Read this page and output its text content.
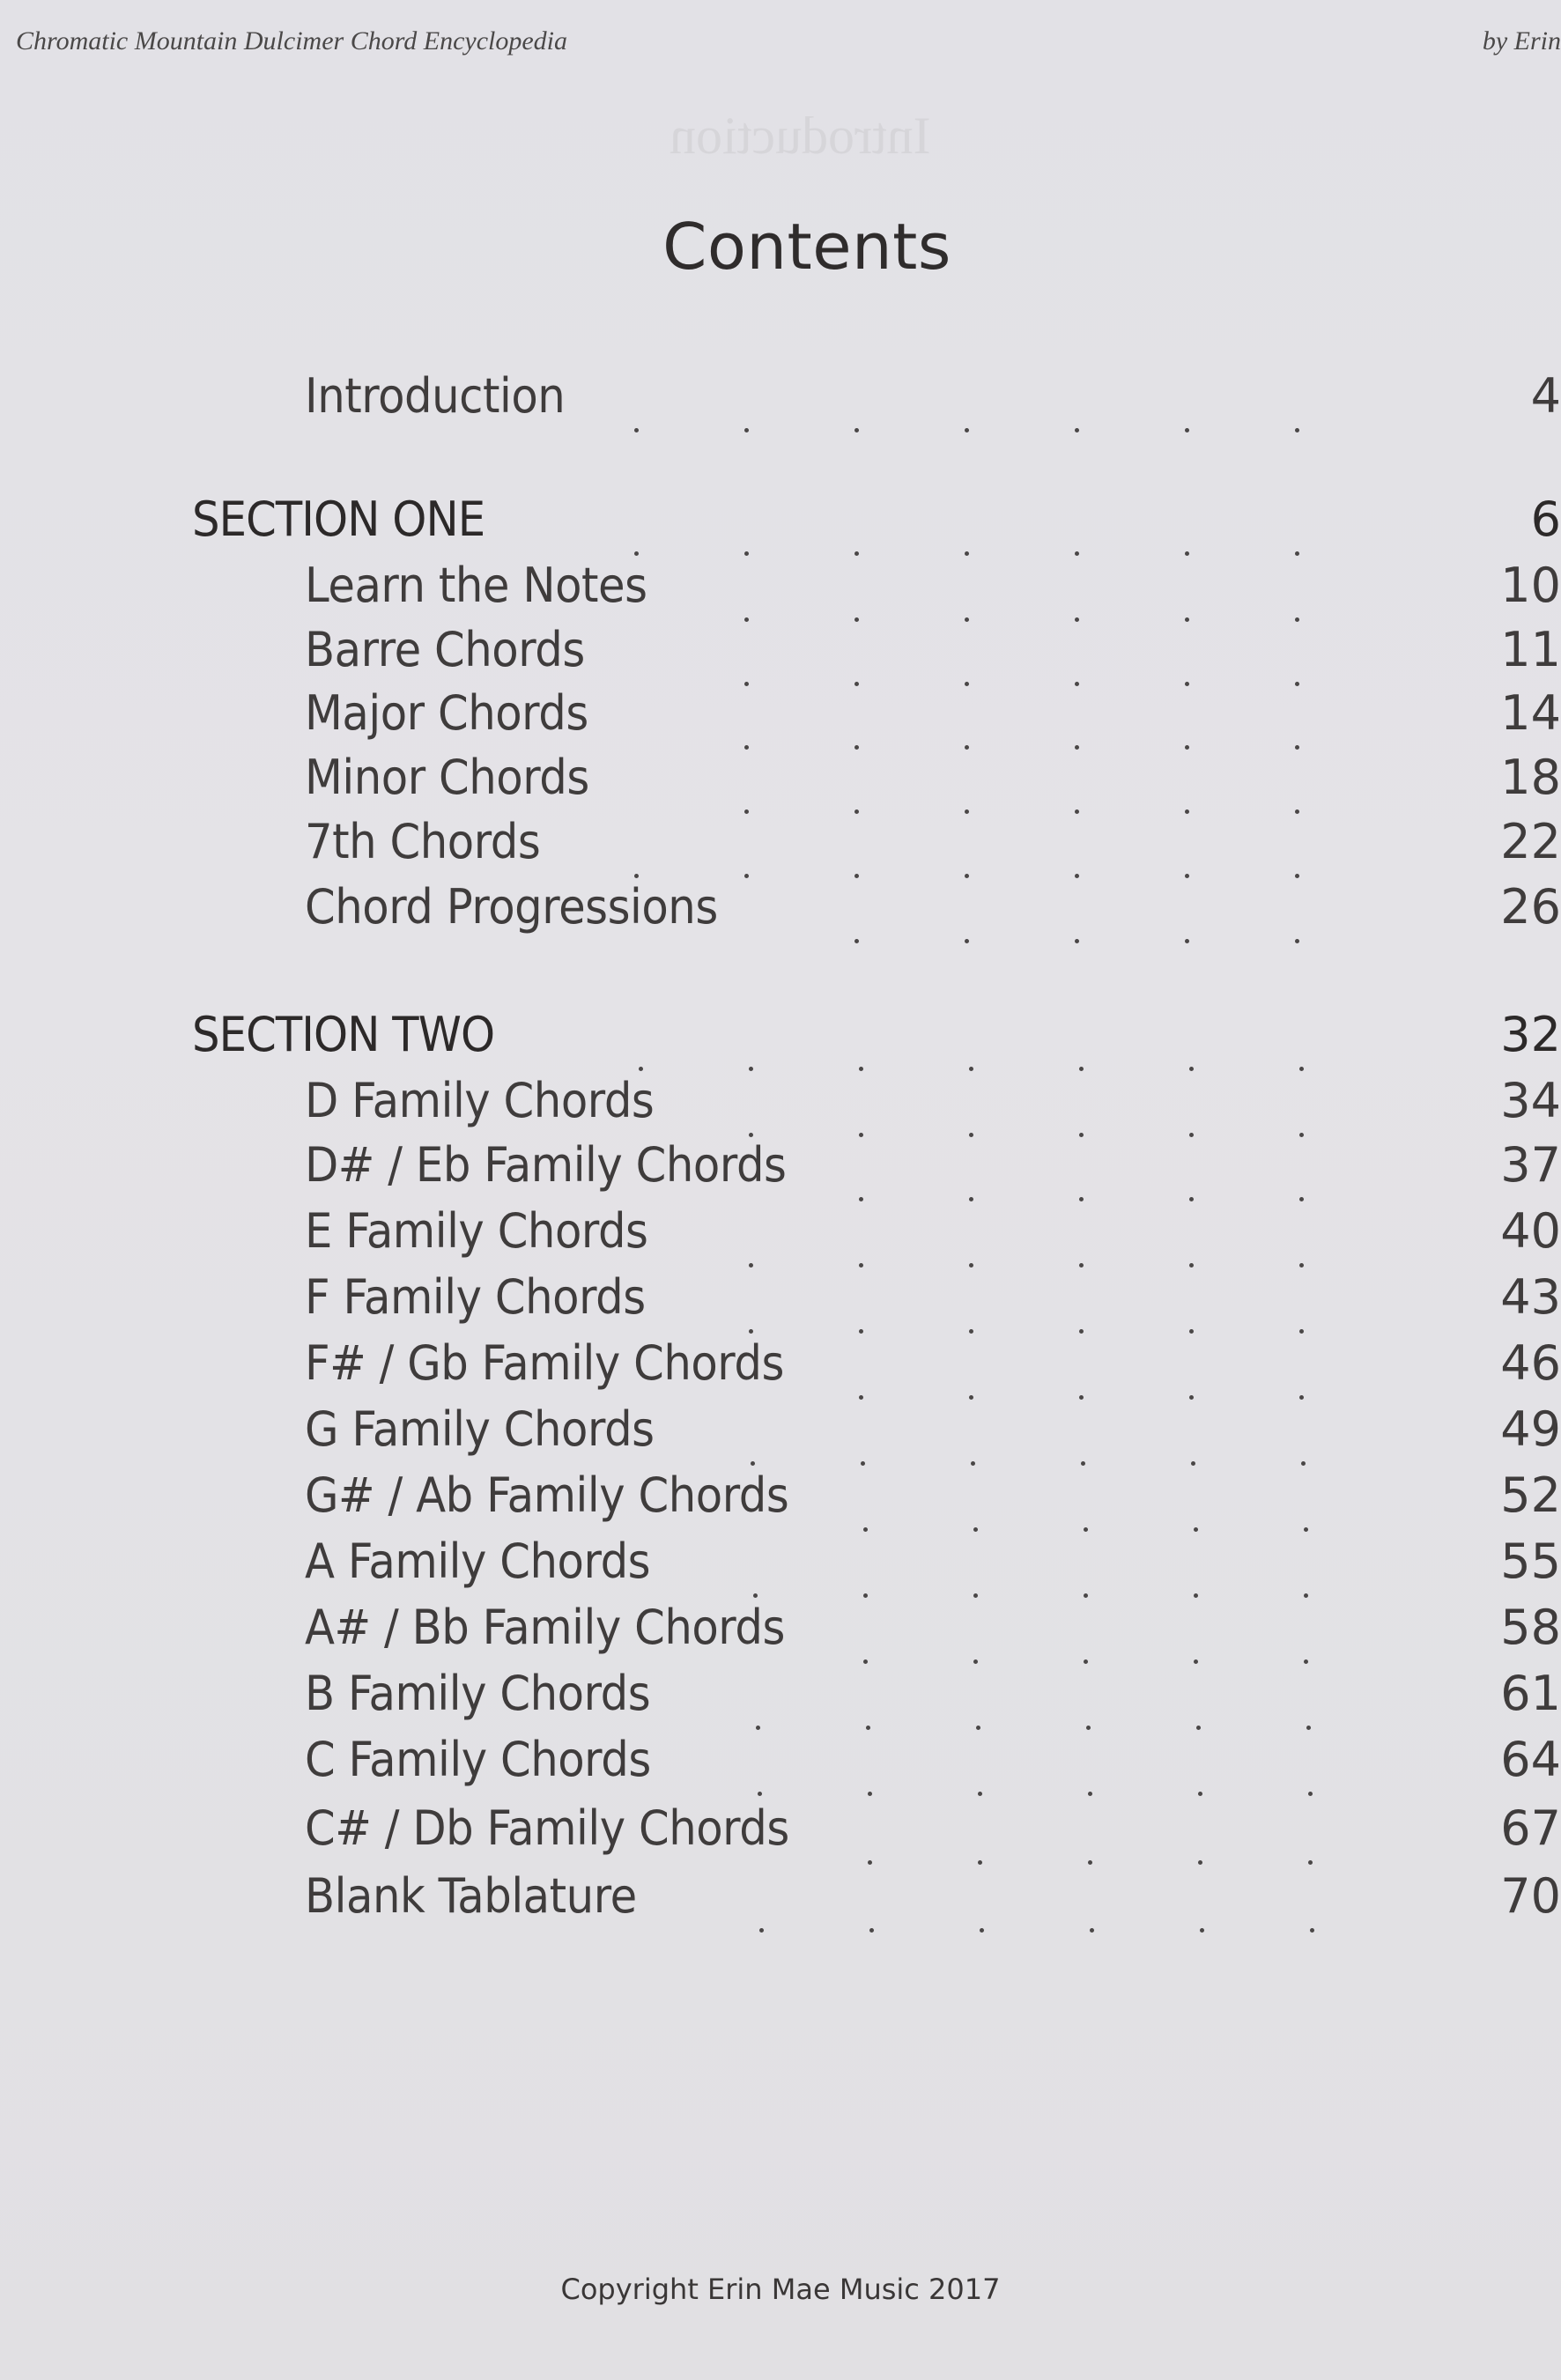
Introduction
Chromatic Mountain Dulcimer Chord Encyclopedia	by Erin
Contents
Introduction	4
SECTION ONE	6
Learn the Notes	10
Barre Chords	11
Major Chords	14
Minor Chords	18
7th Chords	22
Chord Progressions	26
SECTION TWO	32
D Family Chords	34
D# / Eb Family Chords	37
E Family Chords	40
F Family Chords	43
F# / Gb Family Chords	46
G Family Chords	49
G# / Ab Family Chords	52
A Family Chords	55
A# / Bb Family Chords	58
B Family Chords	61
C Family Chords	64
C# / Db Family Chords	67
Blank Tablature	70
Copyright Erin Mae Music 2017
